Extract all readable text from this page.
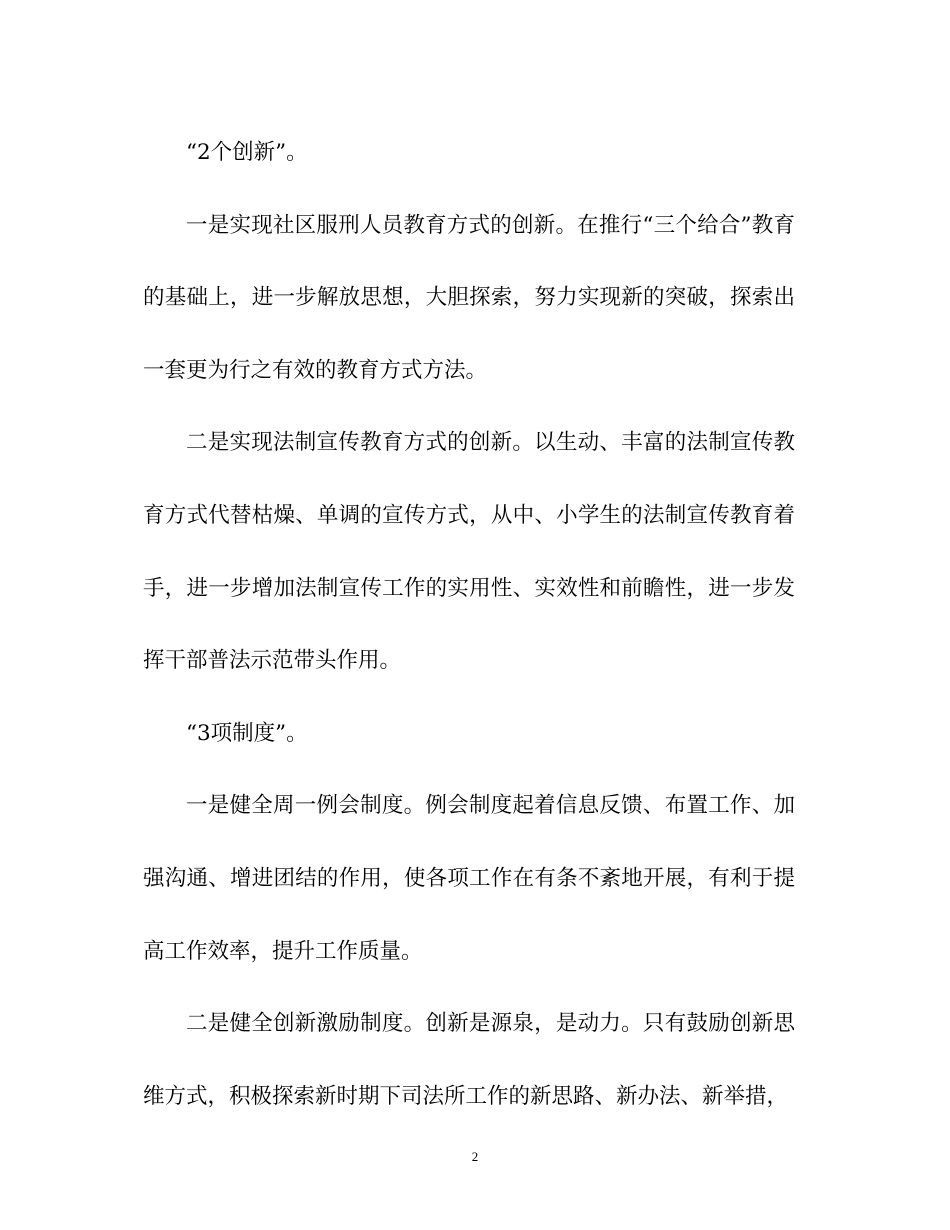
“2个创新”。

一是实现社区服刑人员教育方式的创新。在推行“三个给合”教育的基础上，进一步解放思想，大胆探索，努力实现新的突破，探索出一套更为行之有效的教育方式方法。

二是实现法制宣传教育方式的创新。以生动、丰富的法制宣传教育方式代替枯燥、单调的宣传方式，从中、小学生的法制宣传教育着手，进一步增加法制宣传工作的实用性、实效性和前瞻性，进一步发挥干部普法示范带头作用。

“3项制度”。

一是健全周一例会制度。例会制度起着信息反馈、布置工作、加强沟通、增进团结的作用，使各项工作在有条不紊地开展，有利于提高工作效率，提升工作质量。

二是健全创新激励制度。创新是源泉，是动力。只有鼓励创新思维方式，积极探索新时期下司法所工作的新思路、新办法、新举措，

2
